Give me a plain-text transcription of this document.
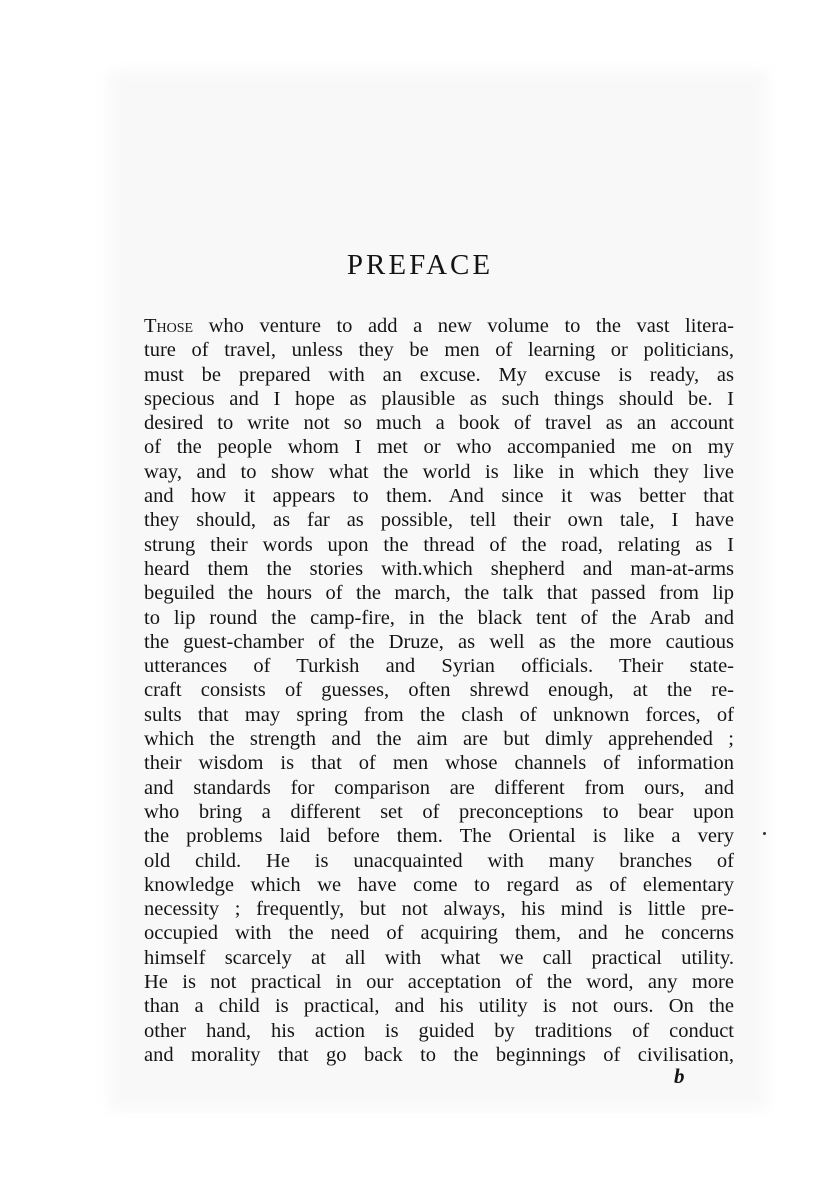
PREFACE
Those who venture to add a new volume to the vast litera-
ture of travel, unless they be men of learning or politicians,
must be prepared with an excuse. My excuse is ready, as
specious and I hope as plausible as such things should be. I
desired to write not so much a book of travel as an account
of the people whom I met or who accompanied me on my
way, and to show what the world is like in which they live
and how it appears to them. And since it was better that
they should, as far as possible, tell their own tale, I have
strung their words upon the thread of the road, relating as I
heard them the stories with.which shepherd and man-at-arms
beguiled the hours of the march, the talk that passed from lip
to lip round the camp-fire, in the black tent of the Arab and
the guest-chamber of the Druze, as well as the more cautious
utterances of Turkish and Syrian officials. Their state-
craft consists of guesses, often shrewd enough, at the re-
sults that may spring from the clash of unknown forces, of
which the strength and the aim are but dimly apprehended ;
their wisdom is that of men whose channels of information
and standards for comparison are different from ours, and
who bring a different set of preconceptions to bear upon
the problems laid before them. The Oriental is like a very
old child. He is unacquainted with many branches of
knowledge which we have come to regard as of elementary
necessity ; frequently, but not always, his mind is little pre-
occupied with the need of acquiring them, and he concerns
himself scarcely at all with what we call practical utility.
He is not practical in our acceptation of the word, any more
than a child is practical, and his utility is not ours. On the
other hand, his action is guided by traditions of conduct
and morality that go back to the beginnings of civilisation,
b
